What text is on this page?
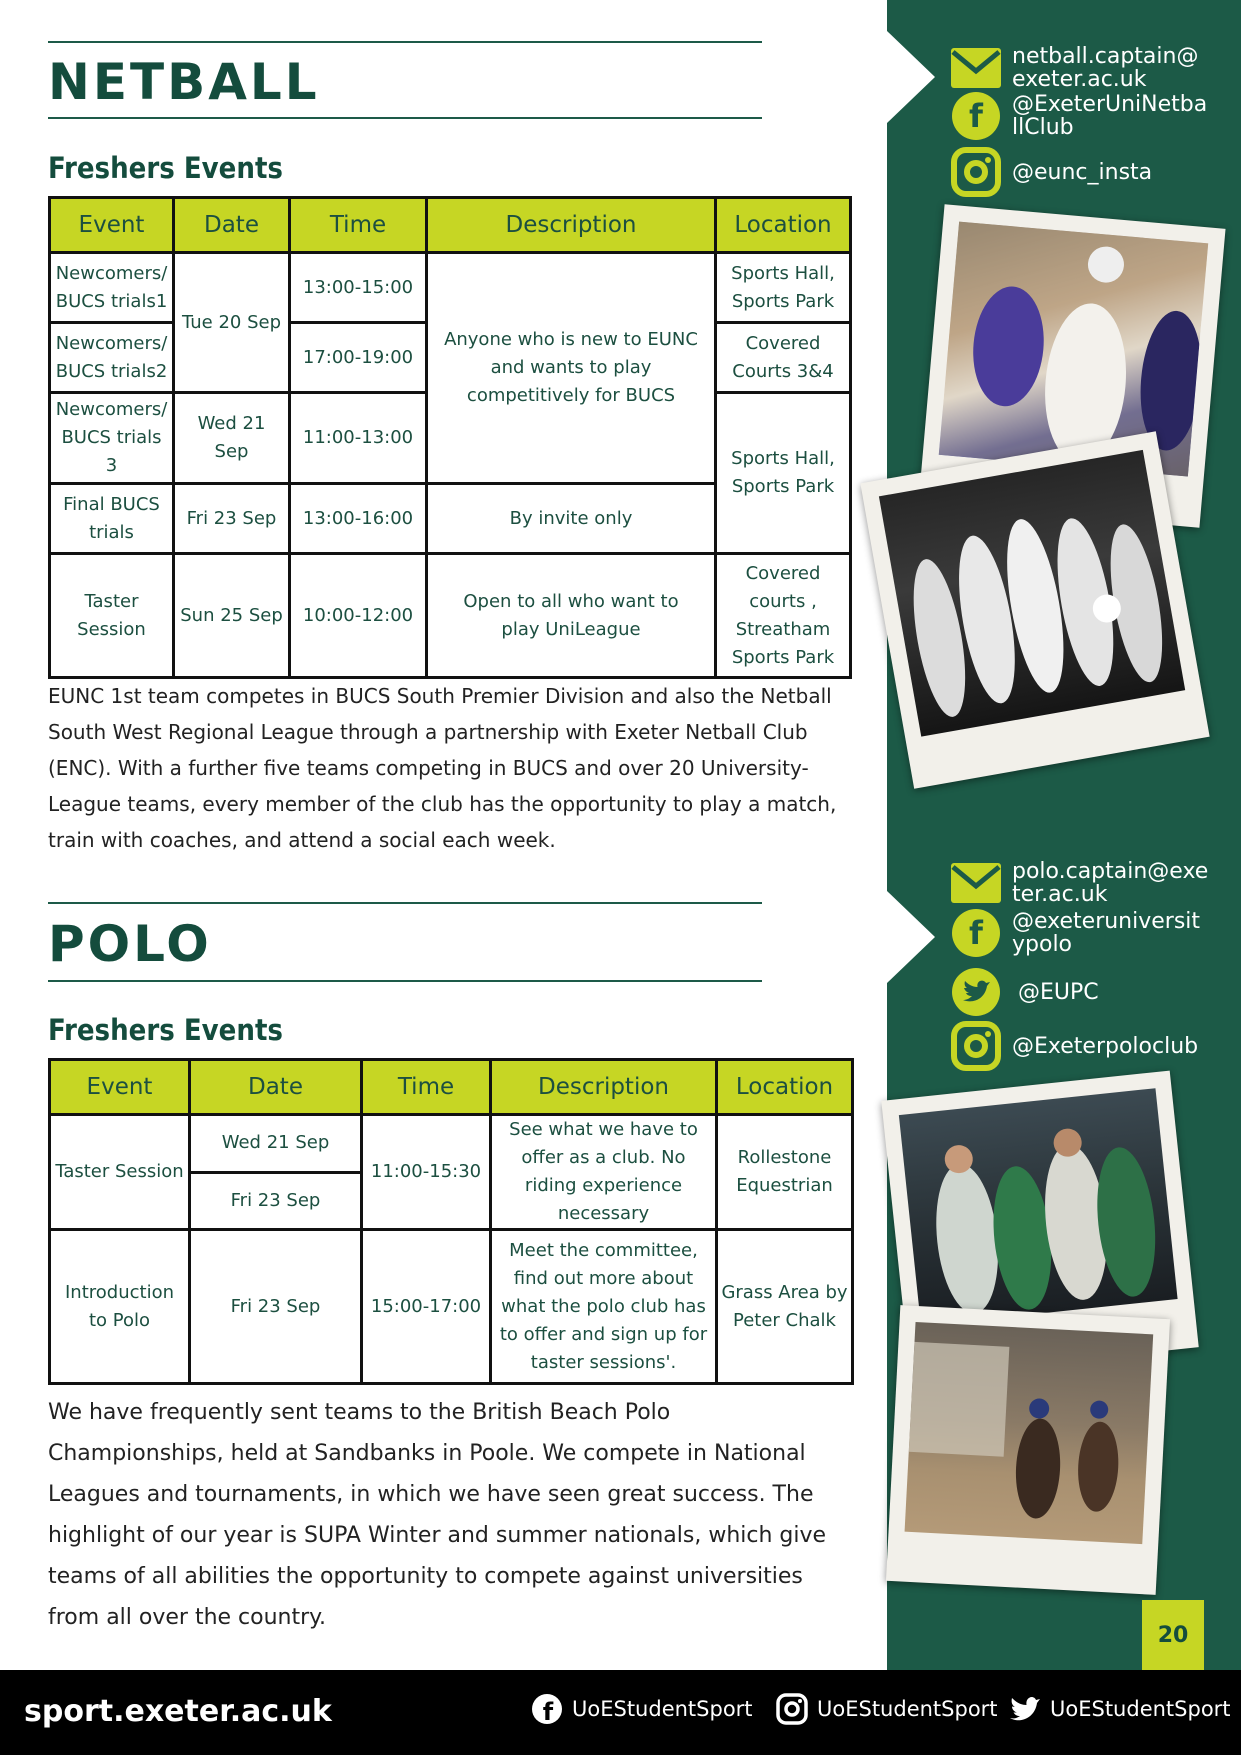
NETBALL
Freshers Events
Event	Date	Time	Description	Location
Newcomers/ BUCS trials1	Tue 20 Sep	13:00-15:00	Anyone who is new to EUNC and wants to play competitively for BUCS	Sports Hall, Sports Park
Newcomers/ BUCS trials2		17:00-19:00		Covered Courts 3&4
Newcomers/ BUCS trials 3	Wed 21 Sep	11:00-13:00		Sports Hall, Sports Park
Final BUCS trials	Fri 23 Sep	13:00-16:00	By invite only	
Taster Session	Sun 25 Sep	10:00-12:00	Open to all who want to play UniLeague	Covered courts , Streatham Sports Park

EUNC 1st team competes in BUCS South Premier Division and also the Netball South West Regional League through a partnership with Exeter Netball Club (ENC). With a further five teams competing in BUCS and over 20 University-League teams, every member of the club has the opportunity to play a match, train with coaches, and attend a social each week.

POLO
Freshers Events
Event	Date	Time	Description	Location
Taster Session	Wed 21 Sep	11:00-15:30	See what we have to offer as a club. No riding experience necessary	Rollestone Equestrian
	Fri 23 Sep			
Introduction to Polo	Fri 23 Sep	15:00-17:00	Meet the committee, find out more about what the polo club has to offer and sign up for taster sessions'.	Grass Area by Peter Chalk

We have frequently sent teams to the British Beach Polo Championships, held at Sandbanks in Poole. We compete in National Leagues and tournaments, in which we have seen great success. The highlight of our year is SUPA Winter and summer nationals, which give teams of all abilities the opportunity to compete against universities from all over the country.

netball.captain@exeter.ac.uk
f @ExeterUniNetballClub
@eunc_insta
polo.captain@exeter.ac.uk
f @exeteruniversitypolo
@EUPC
@Exeterpoloclub
20
sport.exeter.ac.uk	f UoEStudentSport	UoEStudentSport UoEStudentSport
